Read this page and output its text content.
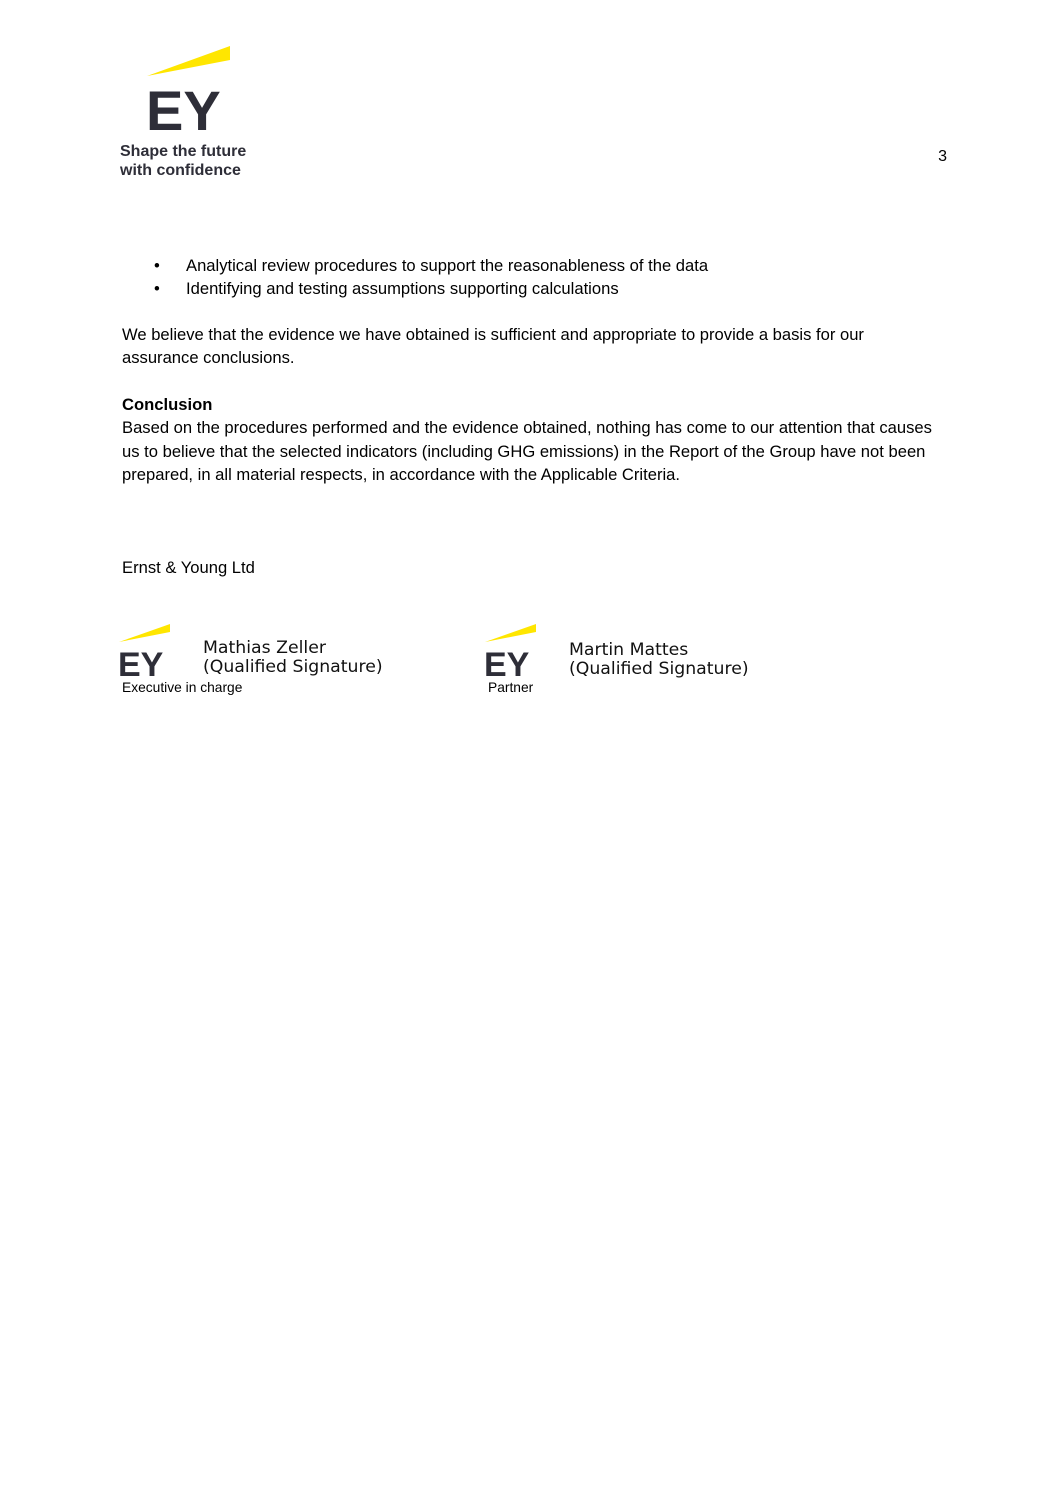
EY
Shape the future
with confidence
3
• Analytical review procedures to support the reasonableness of the data
• Identifying and testing assumptions supporting calculations
We believe that the evidence we have obtained is sufficient and appropriate to provide a basis for our assurance conclusions.
Conclusion

Based on the procedures performed and the evidence obtained, nothing has come to our attention that causes us to believe that the selected indicators (including GHG emissions) in the Report of the Group have not been prepared, in all material respects, in accordance with the Applicable Criteria.

Ernst & Young Ltd
EY Mathias Zeller
(Qualified Signature)
Executive in charge
EY Martin Mattes
(Qualified Signature)
Partner
